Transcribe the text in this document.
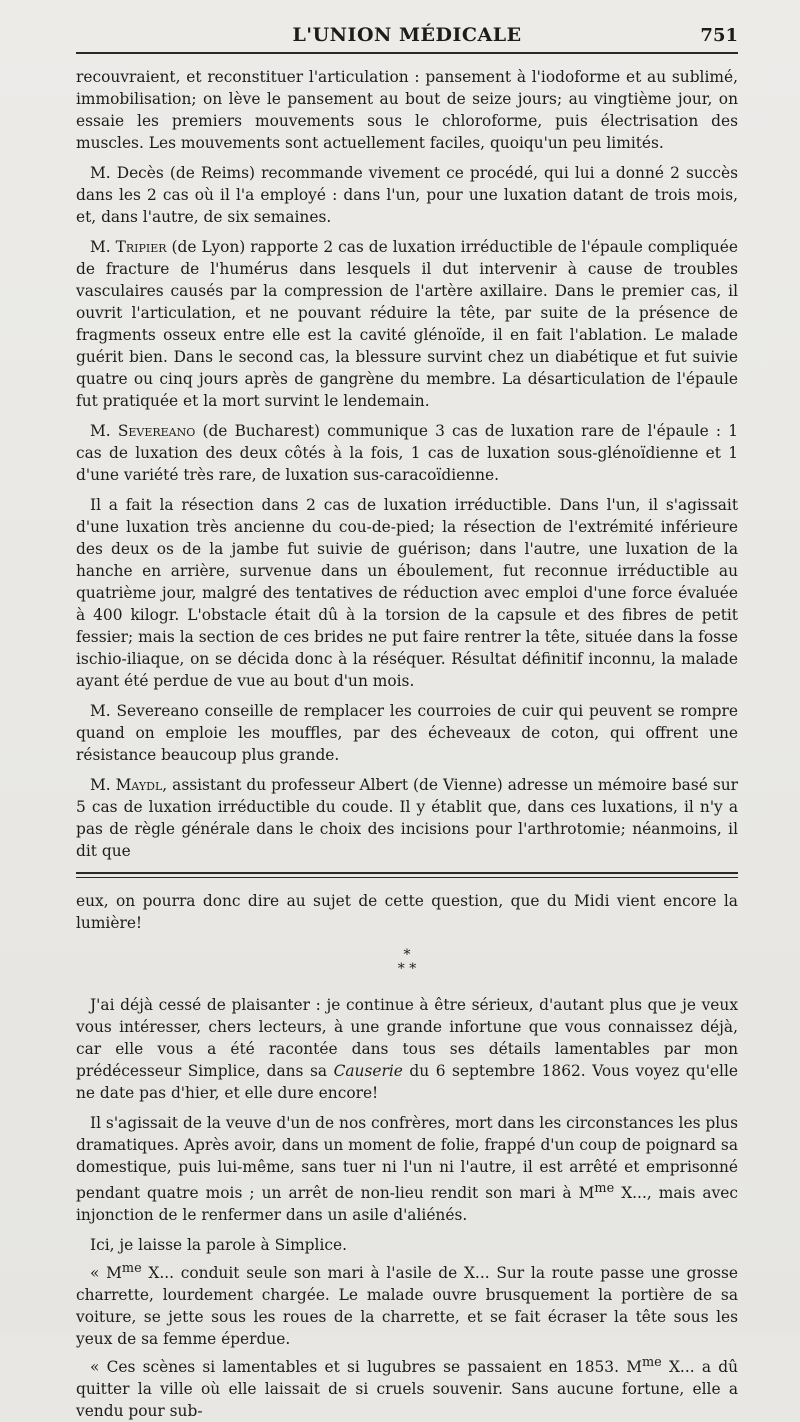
L'UNION MÉDICALE	751

recouvraient, et reconstituer l'articulation : pansement à l'iodoforme et au sublimé, immobilisation; on lève le pansement au bout de seize jours; au vingtième jour, on essaie les premiers mouvements sous le chloroforme, puis électrisation des muscles. Les mouvements sont actuellement faciles, quoiqu'un peu limités.

M. Decès (de Reims) recommande vivement ce procédé, qui lui a donné 2 succès dans les 2 cas où il l'a employé : dans l'un, pour une luxation datant de trois mois, et, dans l'autre, de six semaines.

M. Tripier (de Lyon) rapporte 2 cas de luxation irréductible de l'épaule compliquée de fracture de l'humérus dans lesquels il dut intervenir à cause de troubles vasculaires causés par la compression de l'artère axillaire. Dans le premier cas, il ouvrit l'articulation, et ne pouvant réduire la tête, par suite de la présence de fragments osseux entre elle est la cavité glénoïde, il en fait l'ablation. Le malade guérit bien. Dans le second cas, la blessure survint chez un diabétique et fut suivie quatre ou cinq jours après de gangrène du membre. La désarticulation de l'épaule fut pratiquée et la mort survint le lendemain.

M. Severeano (de Bucharest) communique 3 cas de luxation rare de l'épaule : 1 cas de luxation des deux côtés à la fois, 1 cas de luxation sous-glénoïdienne et 1 d'une variété très rare, de luxation sus-caracoïdienne.

Il a fait la résection dans 2 cas de luxation irréductible. Dans l'un, il s'agissait d'une luxation très ancienne du cou-de-pied; la résection de l'extrémité inférieure des deux os de la jambe fut suivie de guérison; dans l'autre, une luxation de la hanche en arrière, survenue dans un éboulement, fut reconnue irréductible au quatrième jour, malgré des tentatives de réduction avec emploi d'une force évaluée à 400 kilogr. L'obstacle était dû à la torsion de la capsule et des fibres de petit fessier; mais la section de ces brides ne put faire rentrer la tête, située dans la fosse ischio-iliaque, on se décida donc à la réséquer. Résultat définitif inconnu, la malade ayant été perdue de vue au bout d'un mois.

M. Severeano conseille de remplacer les courroies de cuir qui peuvent se rompre quand on emploie les mouffles, par des écheveaux de coton, qui offrent une résistance beaucoup plus grande.

M. Maydl, assistant du professeur Albert (de Vienne) adresse un mémoire basé sur 5 cas de luxation irréductible du coude. Il y établit que, dans ces luxations, il n'y a pas de règle générale dans le choix des incisions pour l'arthrotomie; néanmoins, il dit que

eux, on pourra donc dire au sujet de cette question, que du Midi vient encore la lumière!

*
* *

J'ai déjà cessé de plaisanter : je continue à être sérieux, d'autant plus que je veux vous intéresser, chers lecteurs, à une grande infortune que vous connaissez déjà, car elle vous a été racontée dans tous ses détails lamentables par mon prédécesseur Simplice, dans sa Causerie du 6 septembre 1862. Vous voyez qu'elle ne date pas d'hier, et elle dure encore!

Il s'agissait de la veuve d'un de nos confrères, mort dans les circonstances les plus dramatiques. Après avoir, dans un moment de folie, frappé d'un coup de poignard sa domestique, puis lui-même, sans tuer ni l'un ni l'autre, il est arrêté et emprisonné pendant quatre mois ; un arrêt de non-lieu rendit son mari à $M^{me}$ X..., mais avec injonction de le renfermer dans un asile d'aliénés.

Ici, je laisse la parole à Simplice.

« $M^{me}$ X... conduit seule son mari à l'asile de X... Sur la route passe une grosse charrette, lourdement chargée. Le malade ouvre brusquement la portière de sa voiture, se jette sous les roues de la charrette, et se fait écraser la tête sous les yeux de sa femme éperdue.

« Ces scènes si lamentables et si lugubres se passaient en 1853. $M^{me}$ X... a dû quitter la ville où elle laissait de si cruels souvenir. Sans aucune fortune, elle a vendu pour sub-
